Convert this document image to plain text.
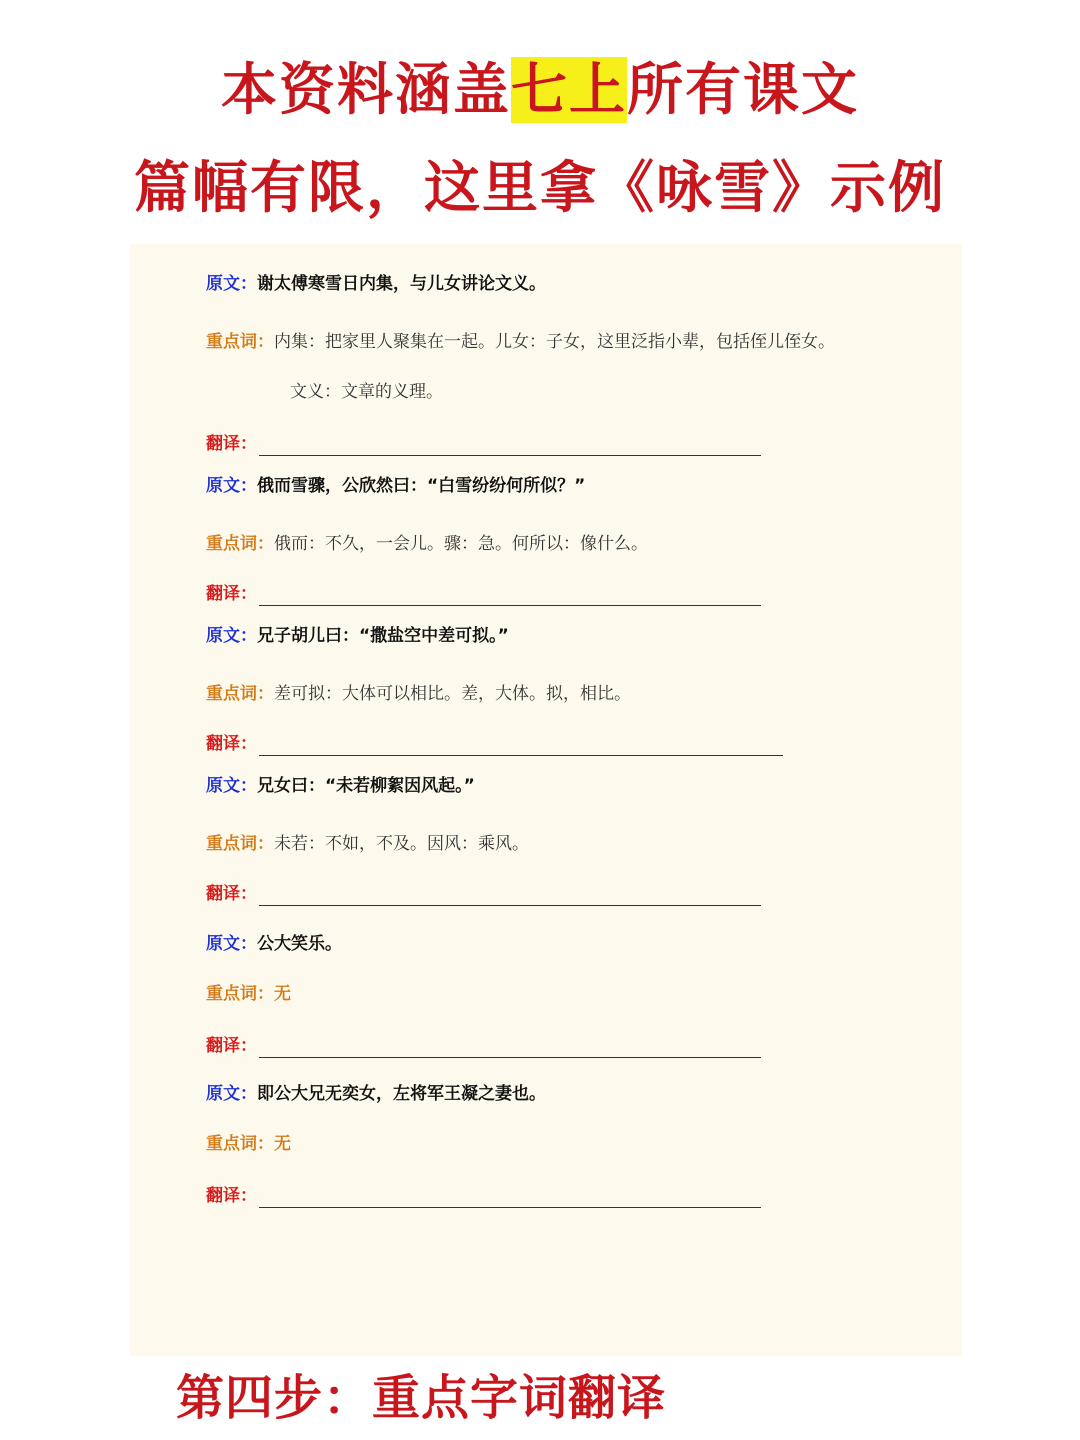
本资料涵盖七上所有课文
篇幅有限，这里拿《咏雪》示例
原文：谢太傅寒雪日内集，与儿女讲论文义。
重点词：内集：把家里人聚集在一起。儿女：子女，这里泛指小辈，包括侄儿侄女。
文义：文章的义理。
翻译：
原文：俄而雪骤，公欣然曰：“白雪纷纷何所似？”
重点词：俄而：不久，一会儿。骤：急。何所以：像什么。
翻译：
原文：兄子胡儿曰：“撒盐空中差可拟。”
重点词：差可拟：大体可以相比。差，大体。拟，相比。
翻译：
原文：兄女曰：“未若柳絮因风起。”
重点词：未若：不如，不及。因风：乘风。
翻译：
原文：公大笑乐。
重点词：无
翻译：
原文：即公大兄无奕女，左将军王凝之妻也。
重点词：无
翻译：
第四步：重点字词翻译
